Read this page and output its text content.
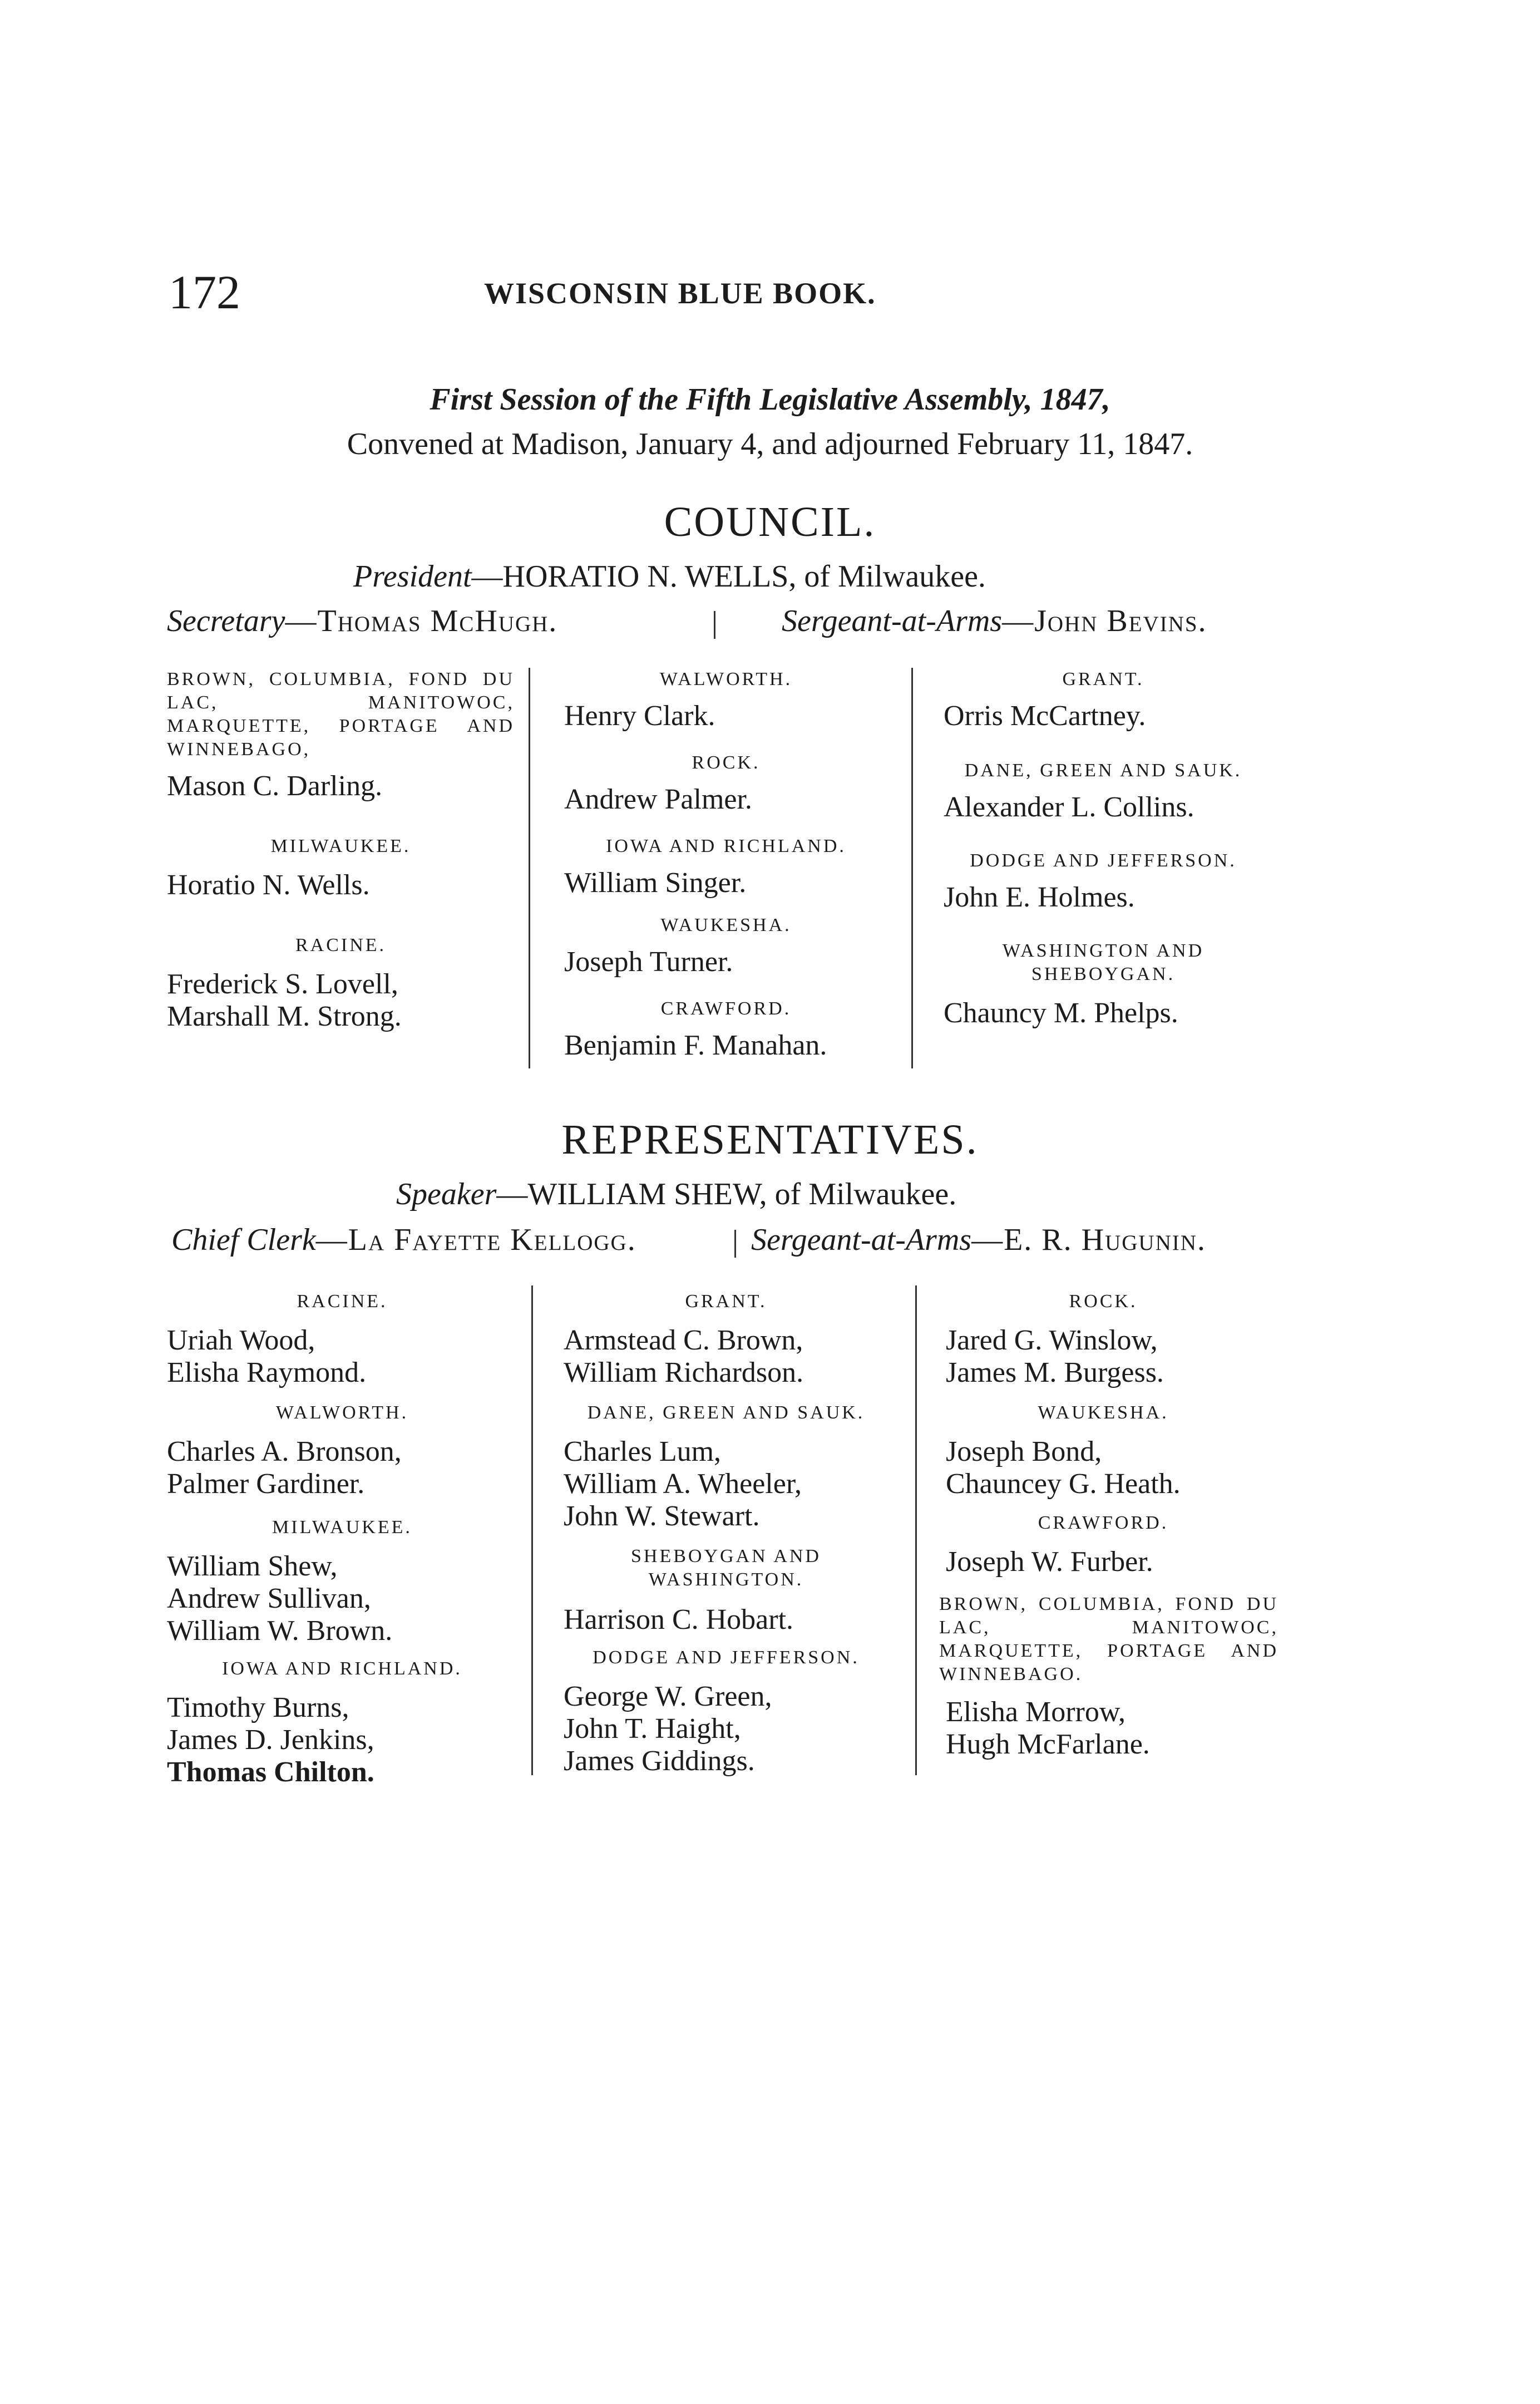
172	WISCONSIN BLUE BOOK.
First Session of the Fifth Legislative Assembly, 1847,
Convened at Madison, January 4, and adjourned February 11, 1847.
COUNCIL.
President—HORATIO N. WELLS, of Milwaukee.
Secretary—Thomas McHugh.	Sergeant-at-Arms—John Bevins.
BROWN, COLUMBIA, FOND DU LAC, MANITOWOC, MARQUETTE, PORTAGE AND WINNEBAGO,
Mason C. Darling.
MILWAUKEE.
Horatio N. Wells.
RACINE.
Frederick S. Lovell,
Marshall M. Strong.
WALWORTH.
Henry Clark.
ROCK.
Andrew Palmer.
IOWA AND RICHLAND.
William Singer.
WAUKESHA.
Joseph Turner.
CRAWFORD.
Benjamin F. Manahan.
GRANT.
Orris McCartney.
DANE, GREEN AND SAUK.
Alexander L. Collins.
DODGE AND JEFFERSON.
John E. Holmes.
WASHINGTON AND SHEBOYGAN.
Chauncy M. Phelps.
REPRESENTATIVES.
Speaker—WILLIAM SHEW, of Milwaukee.
Chief Clerk—La Fayette Kellogg.	Sergeant-at-Arms—E. R. Hugunin.
RACINE.
Uriah Wood,
Elisha Raymond.
WALWORTH.
Charles A. Bronson,
Palmer Gardiner.
MILWAUKEE.
William Shew,
Andrew Sullivan,
William W. Brown.
IOWA AND RICHLAND.
Timothy Burns,
James D. Jenkins,
Thomas Chilton.
GRANT.
Armstead C. Brown,
William Richardson.
DANE, GREEN AND SAUK.
Charles Lum,
William A. Wheeler,
John W. Stewart.
SHEBOYGAN AND WASHINGTON.
Harrison C. Hobart.
DODGE AND JEFFERSON.
George W. Green,
John T. Haight,
James Giddings.
ROCK.
Jared G. Winslow,
James M. Burgess.
WAUKESHA.
Joseph Bond,
Chauncey G. Heath.
CRAWFORD.
Joseph W. Furber.
BROWN, COLUMBIA, FOND DU LAC, MANITOWOC, MARQUETTE, PORTAGE AND WINNEBAGO.
Elisha Morrow,
Hugh McFarlane.
